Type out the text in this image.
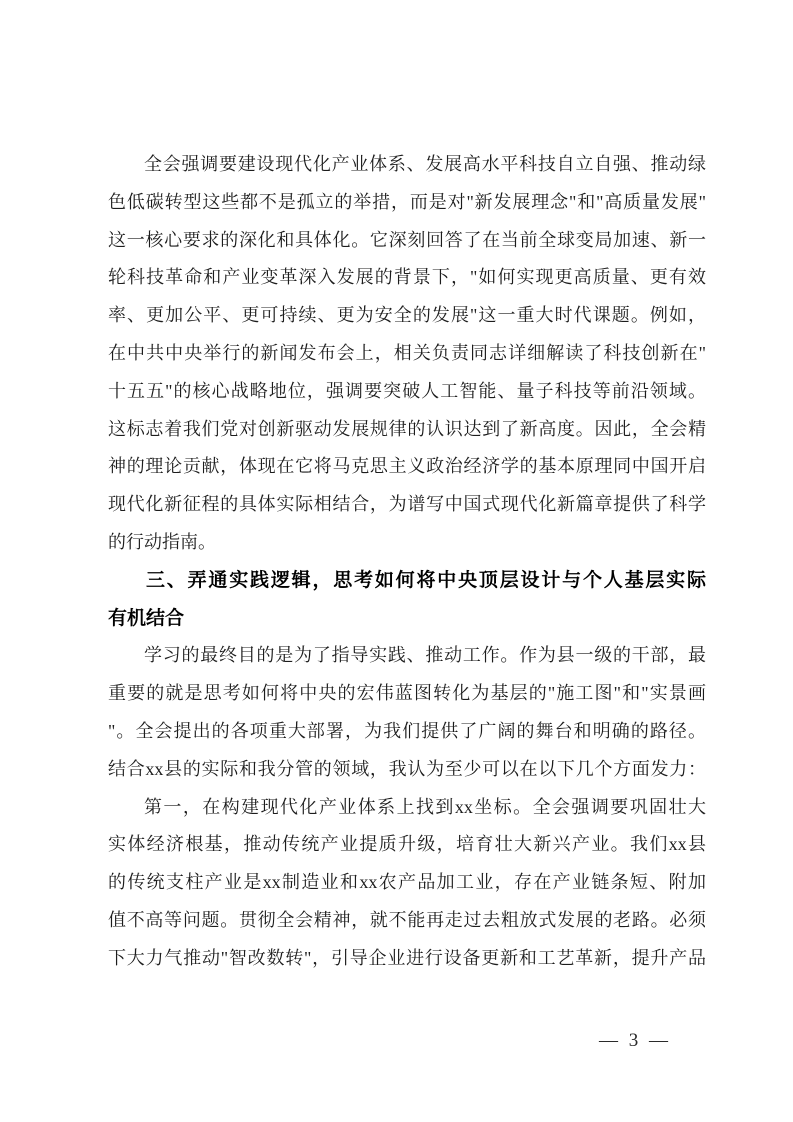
全会强调要建设现代化产业体系、发展高水平科技自立自强、推动绿
色低碳转型这些都不是孤立的举措，而是对"新发展理念"和"高质量发展"
这一核心要求的深化和具体化。它深刻回答了在当前全球变局加速、新一
轮科技革命和产业变革深入发展的背景下，"如何实现更高质量、更有效
率、更加公平、更可持续、更为安全的发展"这一重大时代课题。例如，
在中共中央举行的新闻发布会上，相关负责同志详细解读了科技创新在"
十五五"的核心战略地位，强调要突破人工智能、量子科技等前沿领域。
这标志着我们党对创新驱动发展规律的认识达到了新高度。因此，全会精
神的理论贡献，体现在它将马克思主义政治经济学的基本原理同中国开启
现代化新征程的具体实际相结合，为谱写中国式现代化新篇章提供了科学
的行动指南。
三、弄通实践逻辑，思考如何将中央顶层设计与个人基层实际
有机结合
学习的最终目的是为了指导实践、推动工作。作为县一级的干部，最
重要的就是思考如何将中央的宏伟蓝图转化为基层的"施工图"和"实景画
"。全会提出的各项重大部署，为我们提供了广阔的舞台和明确的路径。
结合xx县的实际和我分管的领域，我认为至少可以在以下几个方面发力：
第一，在构建现代化产业体系上找到xx坐标。全会强调要巩固壮大
实体经济根基，推动传统产业提质升级，培育壮大新兴产业。我们xx县
的传统支柱产业是xx制造业和xx农产品加工业，存在产业链条短、附加
值不高等问题。贯彻全会精神，就不能再走过去粗放式发展的老路。必须
下大力气推动"智改数转"，引导企业进行设备更新和工艺革新，提升产品
— 3 —
